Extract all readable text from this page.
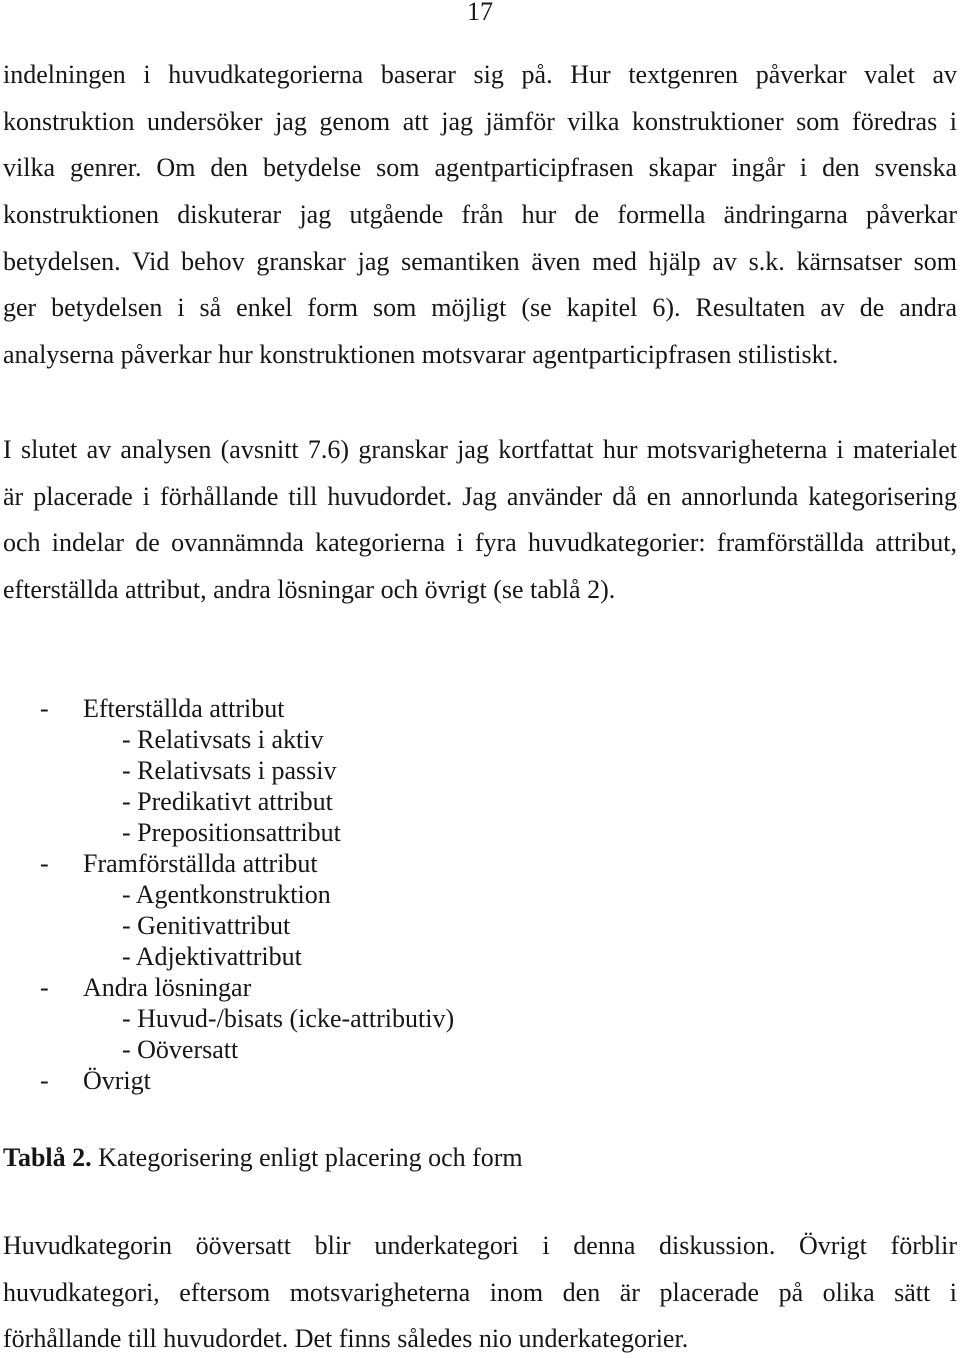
17
indelningen i huvudkategorierna baserar sig på. Hur textgenren påverkar valet av
konstruktion undersöker jag genom att jag jämför vilka konstruktioner som föredras i
vilka genrer. Om den betydelse som agentparticipfrasen skapar ingår i den svenska
konstruktionen diskuterar jag utgående från hur de formella ändringarna påverkar
betydelsen. Vid behov granskar jag semantiken även med hjälp av s.k. kärnsatser som
ger betydelsen i så enkel form som möjligt (se kapitel 6). Resultaten av de andra
analyserna påverkar hur konstruktionen motsvarar agentparticipfrasen stilistiskt.
I slutet av analysen (avsnitt 7.6) granskar jag kortfattat hur motsvarigheterna i materialet
är placerade i förhållande till huvudordet. Jag använder då en annorlunda kategorisering
och indelar de ovannämnda kategorierna i fyra huvudkategorier: framförställda attribut,
efterställda attribut, andra lösningar och övrigt (se tablå 2).
- Efterställda attribut
- Relativsats i aktiv
- Relativsats i passiv
- Predikativt attribut
- Prepositionsattribut
- Framförställda attribut
- Agentkonstruktion
- Genitivattribut
- Adjektivattribut
- Andra lösningar
- Huvud-/bisats (icke-attributiv)
- Oöversatt
- Övrigt
Tablå 2. Kategorisering enligt placering och form
Huvudkategorin ööversatt blir underkategori i denna diskussion. Övrigt förblir
huvudkategori, eftersom motsvarigheterna inom den är placerade på olika sätt i
förhållande till huvudordet. Det finns således nio underkategorier.
